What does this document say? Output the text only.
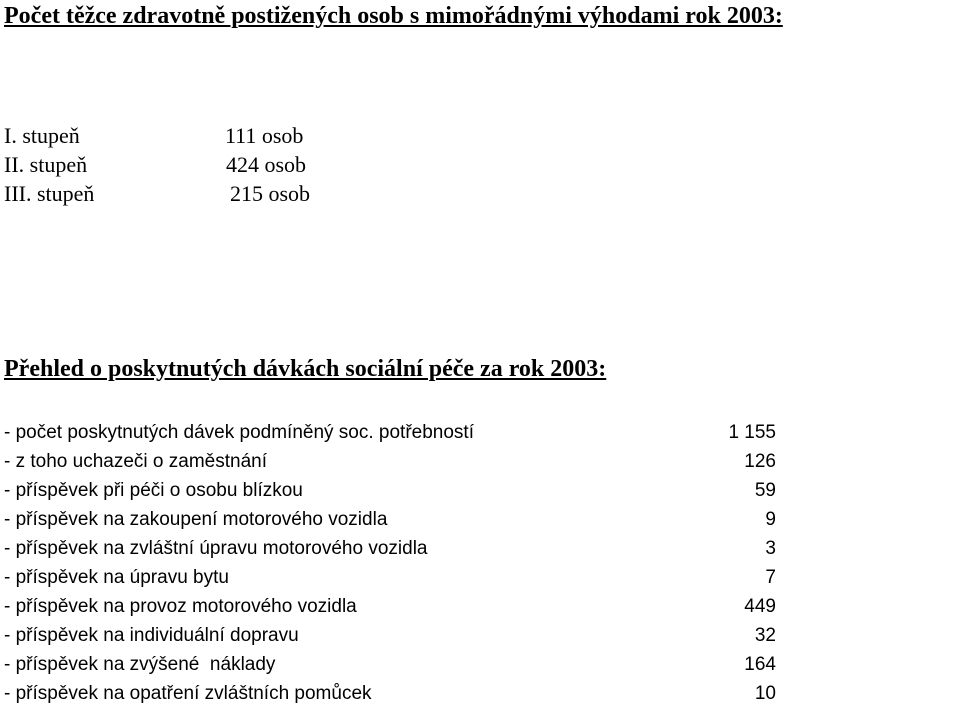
Počet těžce zdravotně postižených osob s mimořádnými výhodami rok 2003:
I. stupeň	111 osob
II. stupeň	424 osob
III. stupeň	215 osob
Přehled o poskytnutých dávkách sociální péče za rok 2003:
- počet poskytnutých dávek podmíněný soc. potřebností	1 155
- z toho uchazeči o zaměstnání	126
- příspěvek při péči o osobu blízkou	59
- příspěvek na zakoupení motorového vozidla	9
- příspěvek na zvláštní úpravu motorového vozidla	3
- příspěvek na úpravu bytu	7
- příspěvek na provoz motorového vozidla	449
- příspěvek na individuální dopravu	32
- příspěvek na zvýšené  náklady	164
- příspěvek na opatření zvláštních pomůcek	10
